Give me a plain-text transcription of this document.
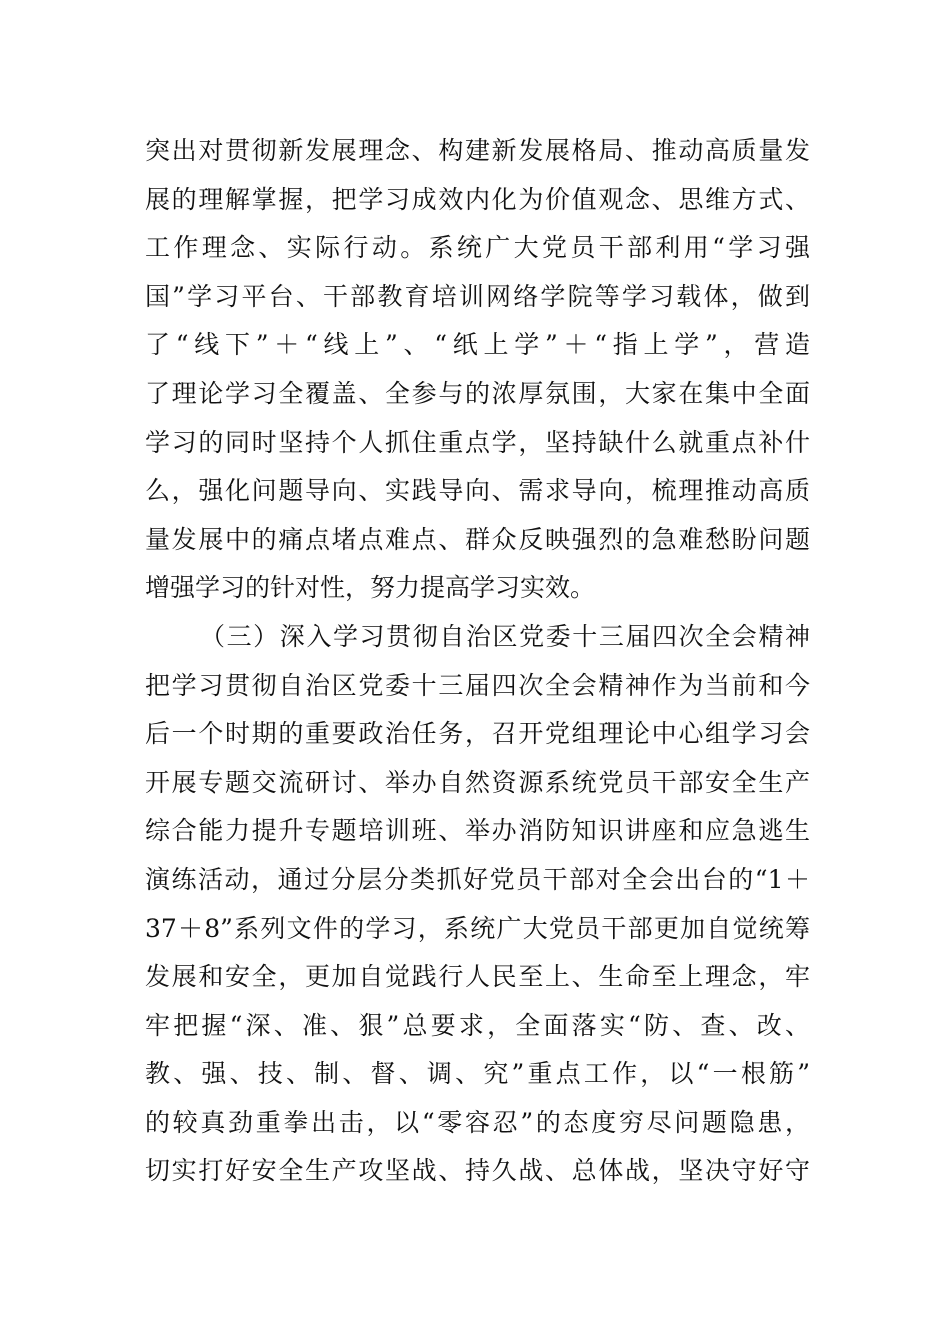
突出对贯彻新发展理念、构建新发展格局、推动高质量发
展的理解掌握，把学习成效内化为价值观念、思维方式、
工作理念、实际行动。系统广大党员干部利用“学习强
国”学习平台、干部教育培训网络学院等学习载体，做到
了“线下”＋“线上”、“纸上学”＋“指上学”，营造
了理论学习全覆盖、全参与的浓厚氛围，大家在集中全面
学习的同时坚持个人抓住重点学，坚持缺什么就重点补什
么，强化问题导向、实践导向、需求导向，梳理推动高质
量发展中的痛点堵点难点、群众反映强烈的急难愁盼问题
增强学习的针对性，努力提高学习实效。
（三）深入学习贯彻自治区党委十三届四次全会精神
把学习贯彻自治区党委十三届四次全会精神作为当前和今
后一个时期的重要政治任务，召开党组理论中心组学习会
开展专题交流研讨、举办自然资源系统党员干部安全生产
综合能力提升专题培训班、举办消防知识讲座和应急逃生
演练活动，通过分层分类抓好党员干部对全会出台的“1＋
37＋8”系列文件的学习，系统广大党员干部更加自觉统筹
发展和安全，更加自觉践行人民至上、生命至上理念，牢
牢把握“深、准、狠”总要求，全面落实“防、查、改、
教、强、技、制、督、调、究”重点工作，以“一根筋”
的较真劲重拳出击，以“零容忍”的态度穷尽问题隐患，
切实打好安全生产攻坚战、持久战、总体战，坚决守好守
